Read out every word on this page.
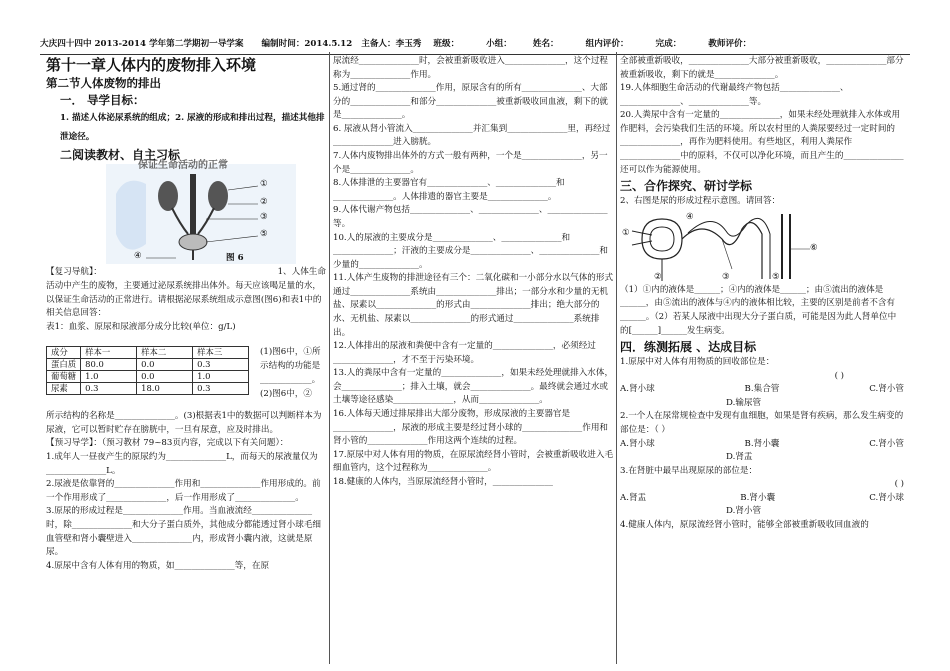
大庆四十四中 2013-2014 学年第二学期初一导学案 编制时间：2014.5.12 主备人：李玉秀 班级：	小组： 姓名：	组内评价：	完成：	教师评价：
第十一章人体内的废物排入环境
第二节人体废物的排出
一． 导学目标：
1. 描述人体泌尿系统的组成；2. 尿液的形成和排出过程，描述其他排泄途径。
二阅读教材、自主习标
保证生命活动的正常
①
②
③
⑤
④	图 6
【复习导航】：	1、人体生命
活动中产生的废物，主要通过泌尿系统排出体外。每天应该喝足量的水，以保证生命活动的正常进行。请根据泌尿系统组成示意图(图6)和表1中的相关信息回答：
表1：血浆、原尿和尿液部分成分比较(单位：g/L)
成分	样本一	样本二	样本三
蛋白质	80.0	0.0	0.3
葡萄糖	1.0	0.0	1.0
尿素	0.3	18.0	0.3
(1)图6中，①所示结构的功能是____________。(2)图6中，②
所示结构的名称是______________。(3)根据表1中的数据可以判断样本为尿液，它可以暂时贮存在膀胱中，一旦有尿意，应及时排出。
【预习导学】：（预习教材 79~83页内容，完成以下有关问题）：
1.成年人一昼夜产生的原尿约为______________L，而每天的尿液量仅为______________L。
2.尿液是依靠肾的______________作用和______________作用形成的。前一个作用形成了______________，后一作用形成了______________。
3.原尿的形成过程是______________作用。当血液流经______________时，除______________和大分子蛋白质外，其他成分都能透过肾小球毛细血管壁和肾小囊壁进入______________内，形成肾小囊内液，这就是原尿。
4.原尿中含有人体有用的物质，如______________等，在原
尿流经______________时，会被重新吸收进入______________，这个过程称为______________作用。
5.通过肾的______________作用，原尿含有的所有______________、大部分的______________和部分______________被重新吸收回血液，剩下的就是______________。
6. 尿液从肾小管流入______________并汇集到______________里，再经过______________进入膀胱。
7.人体内废物排出体外的方式一般有两种，一个是______________，另一个是______________。
8.人体排泄的主要器官有______________、______________和______________。人体排遗的器官主要是______________。
9.人体代谢产物包括______________、______________、______________等。
10.人的尿液的主要成分是______________、______________和______________；汗液的主要成分是______________、______________和少量的______________。
11.人体产生废物的排泄途径有三个：二氧化碳和一小部分水以气体的形式通过______________系统由______________排出；一部分水和少量的无机盐、尿素以______________的形式由______________排出；绝大部分的水、无机盐、尿素以______________的形式通过______________系统排出。
12.人体排出的尿液和粪便中含有一定量的______________，必须经过______________，才不至于污染环境。
13.人的粪尿中含有一定量的______________，如果未经处理就排入水体，会______________；排入土壤，就会______________。最终就会通过水或土壤等途径感染______________，从而______________。
16.人体每天通过排尿排出大部分废物，形成尿液的主要器官是______________，尿液的形成主要是经过肾小球的______________作用和肾小管的______________作用这两个连续的过程。
17.原尿中对人体有用的物质，在原尿流经肾小管时，会被重新吸收进入毛细血管内，这个过程称为______________。
18.健康的人体内，当原尿流经肾小管时，______________
全部被重新吸收，______________大部分被重新吸收，______________部分被重新吸收，剩下的就是______________。
19.人体细胞生命活动的代谢最终产物包括______________、______________、______________等。
20.人粪尿中含有一定量的______________，如果未经处理就排入水体或用作肥料，会污染我们生活的环境。所以农村里的人粪尿要经过一定时间的______________，再作为肥料使用。有些地区，利用人粪尿作______________中的原料，不仅可以净化环境，而且产生的______________还可以作为能源使用。
三、合作探究、研讨学标
2、右图是尿的形成过程示意图。请回答：
①
②	③
④
⑤
⑥
（1）①内的液体是______；④内的液体是______；由⑤流出的液体是______，由⑤流出的液体与④内的液体相比较，主要的区别是前者不含有______。（2）若某人尿液中出现大分子蛋白质，可能是因为此人肾单位中的[______]______发生病变。
四．练测拓展 、达成目标
1.原尿中对人体有用物质的回收部位是：
( )
A.肾小球	B.集合管	C.肾小管
D.输尿管
2.一个人在尿常规检查中发现有血细胞，如果是肾有疾病，那么发生病变的部位是：（ ）
A.肾小球	B.肾小囊	C.肾小管
D.肾盂
3.在肾脏中最早出现原尿的部位是：
( )
A.肾盂	B.肾小囊	C.肾小球
D.肾小管
4.健康人体内，原尿流经肾小管时，能够全部被重新吸收回血液的
